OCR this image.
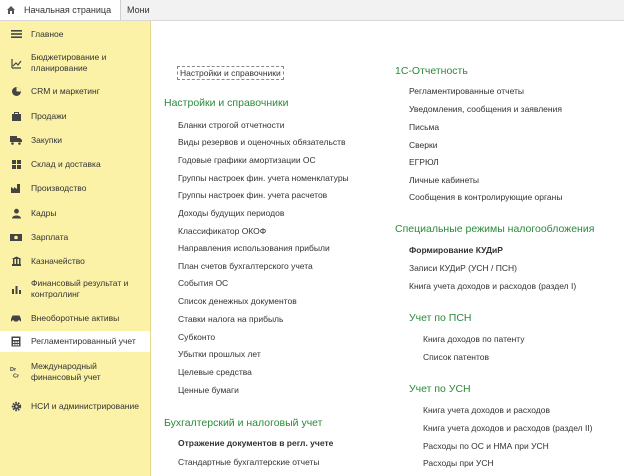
Начальная страница Мони
Главное
Бюджетирование и планирование
CRM и маркетинг
Продажи
Закупки
Склад и доставка
Производство
Кадры
Зарплата
Казначейство
Финансовый результат и контроллинг
Внеоборотные активы
Регламентированный учет
Dr
Cr
Международный финансовый учет
НСИ и администрирование
Настройки и справочники
Настройки и справочники
Бланки строгой отчетности
Виды резервов и оценочных обязательств
Годовые графики амортизации ОС
Группы настроек фин. учета номенклатуры
Группы настроек фин. учета расчетов
Доходы будущих периодов
Классификатор ОКОФ
Направления использования прибыли
План счетов бухгалтерского учета
События ОС
Список денежных документов
Ставки налога на прибыль
Субконто
Убытки прошлых лет
Целевые средства
Ценные бумаги
Бухгалтерский и налоговый учет
Отражение документов в регл. учете
Стандартные бухгалтерские отчеты
1С-Отчетность
Регламентированные отчеты
Уведомления, сообщения и заявления
Письма
Сверки
ЕГРЮЛ
Личные кабинеты
Сообщения в контролирующие органы
Специальные режимы налогообложения
Формирование КУДиР
Записи КУДиР (УСН / ПСН)
Книга учета доходов и расходов (раздел I)
Учет по ПСН
Книга доходов по патенту
Список патентов
Учет по УСН
Книга учета доходов и расходов
Книга учета доходов и расходов (раздел II)
Расходы по ОС и НМА при УСН
Расходы при УСН
